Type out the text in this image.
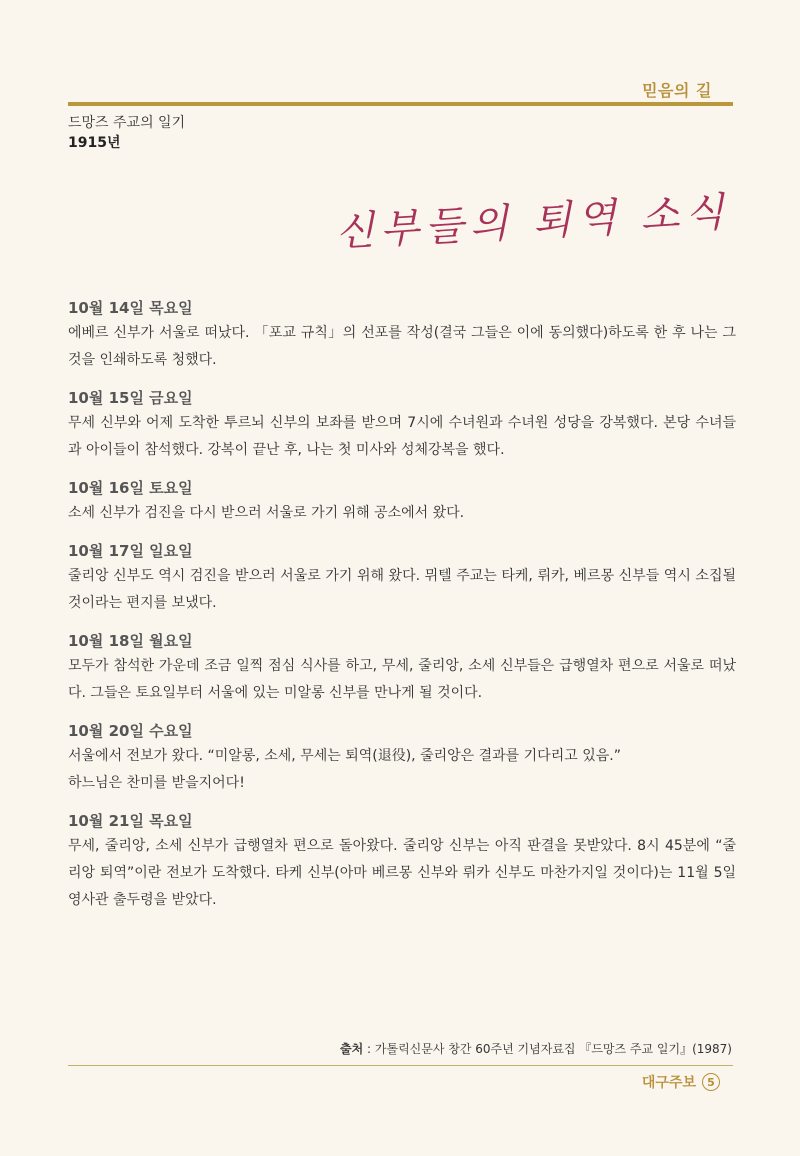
믿음의 길
드망즈 주교의 일기
1915년
신부들의 퇴역 소식
10월 14일 목요일
에베르 신부가 서울로 떠났다. 「포교 규칙」의 선포를 작성(결국 그들은 이에 동의했다)하도록 한 후 나는 그것을 인쇄하도록 청했다.
10월 15일 금요일
무세 신부와 어제 도착한 투르뇌 신부의 보좌를 받으며 7시에 수녀원과 수녀원 성당을 강복했다. 본당 수녀들과 아이들이 참석했다. 강복이 끝난 후, 나는 첫 미사와 성체강복을 했다.
10월 16일 토요일
소세 신부가 검진을 다시 받으러 서울로 가기 위해 공소에서 왔다.
10월 17일 일요일
줄리앙 신부도 역시 검진을 받으러 서울로 가기 위해 왔다. 뮈텔 주교는 타케, 뤼카, 베르몽 신부들 역시 소집될 것이라는 편지를 보냈다.
10월 18일 월요일
모두가 참석한 가운데 조금 일찍 점심 식사를 하고, 무세, 줄리앙, 소세 신부들은 급행열차 편으로 서울로 떠났다. 그들은 토요일부터 서울에 있는 미알롱 신부를 만나게 될 것이다.
10월 20일 수요일
서울에서 전보가 왔다. “미알롱, 소세, 무세는 퇴역(退役), 줄리앙은 결과를 기다리고 있음.”
하느님은 찬미를 받을지어다!
10월 21일 목요일
무세, 줄리앙, 소세 신부가 급행열차 편으로 돌아왔다. 줄리앙 신부는 아직 판결을 못받았다. 8시 45분에 “줄리앙 퇴역”이란 전보가 도착했다. 타케 신부(아마 베르몽 신부와 뤼카 신부도 마찬가지일 것이다)는 11월 5일 영사관 출두령을 받았다.
출처 : 가톨릭신문사 창간 60주년 기념자료집 『드망즈 주교 일기』(1987)
대구주보	5
